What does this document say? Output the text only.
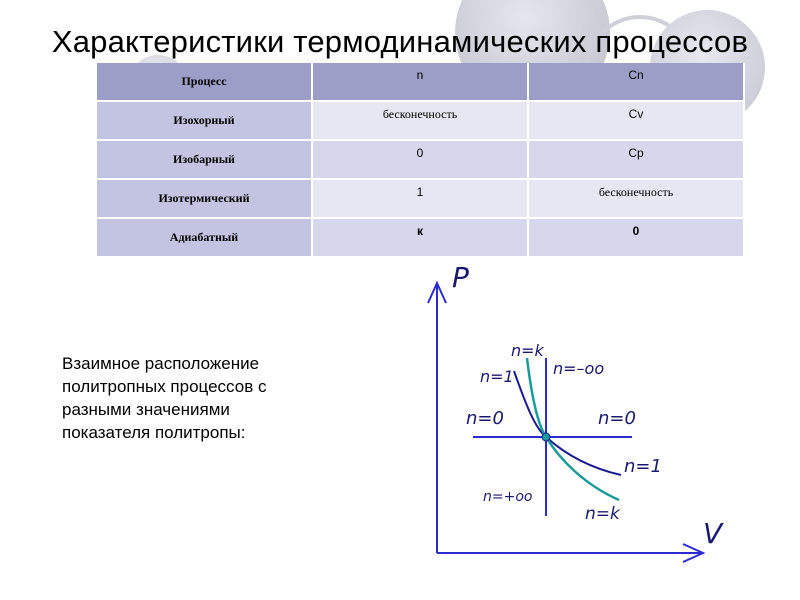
Характеристики термодинамических процессов
Процесс	n	Cn
Изохорный	бесконечность	Cv
Изобарный	0	Cp
Изотермический	1	бесконечность
Адиабатный	к	0
Взаимное расположение
политропных процессов с
разными значениями
показателя политропы:
P
V
n=k
n=1 n=–oo
n=0	n=0
n=1
n=+oo
n=k
